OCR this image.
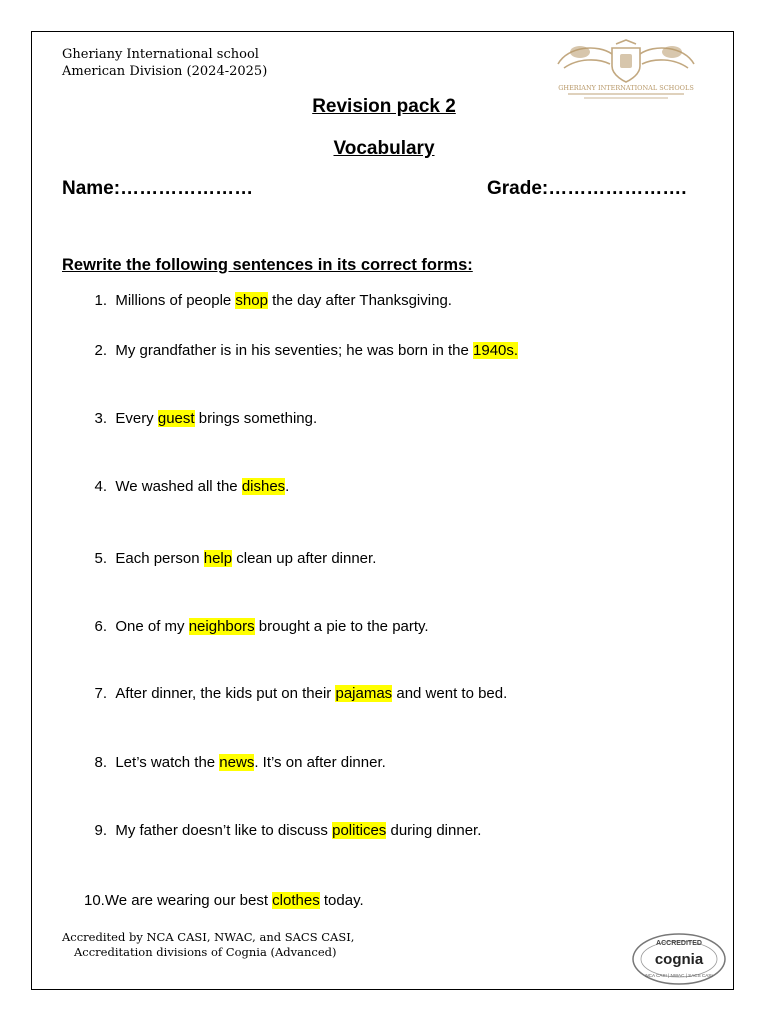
Gheriany International school
American Division (2024-2025)
GHERIANY INTERNATIONAL SCHOOLS
Revision pack 2
Vocabulary
Name:…………………	Grade:………………….
Rewrite the following sentences in its correct forms:
1. Millions of people shop the day after Thanksgiving.
2. My grandfather is in his seventies; he was born in the 1940s.
3. Every guest brings something.
4. We washed all the dishes.
5. Each person help clean up after dinner.
6. One of my neighbors brought a pie to the party.
7. After dinner, the kids put on their pajamas and went to bed.
8. Let’s watch the news. It’s on after dinner.
9. My father doesn’t like to discuss politices during dinner.
10.We are wearing our best clothes today.
Accredited by NCA CASI, NWAC, and SACS CASI,
Accreditation divisions of Cognia (Advanced)
ACCREDITED
cognia
NCA CASI | NWAC | SACS CASI
